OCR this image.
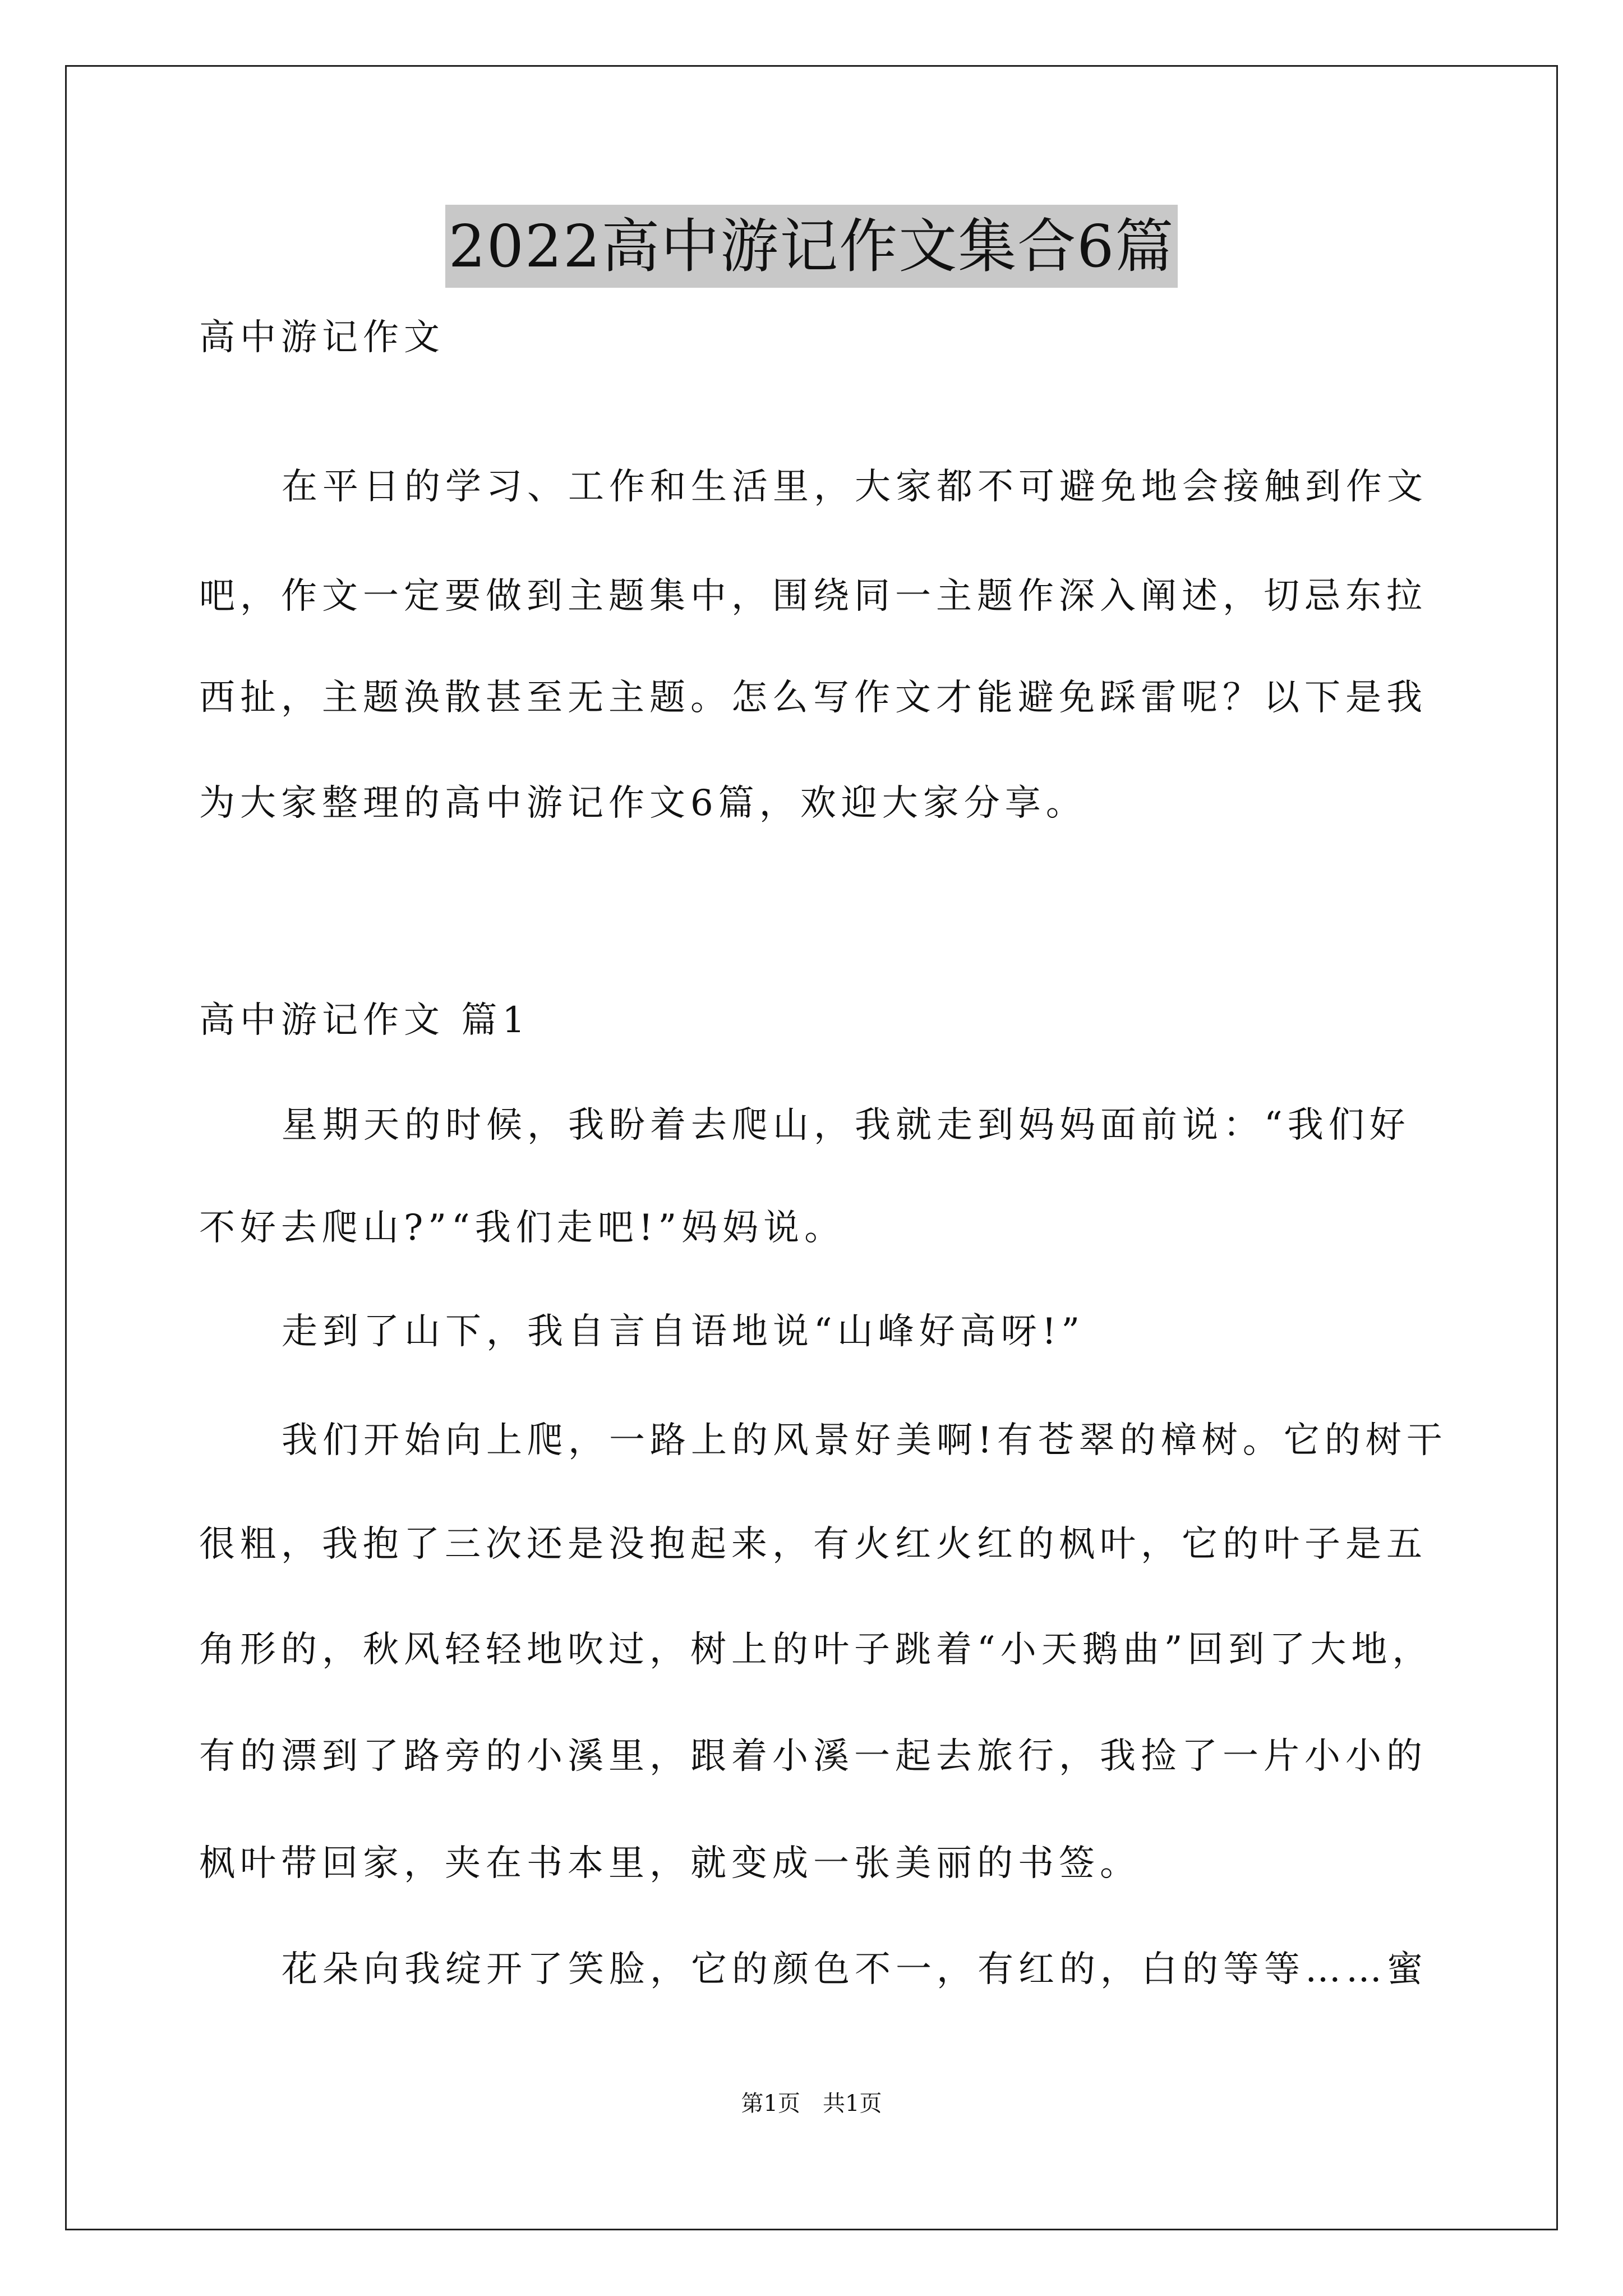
2022高中游记作文集合6篇
高中游记作文
在平日的学习、工作和生活里，大家都不可避免地会接触到作文
吧，作文一定要做到主题集中，围绕同一主题作深入阐述，切忌东拉
西扯，主题涣散甚至无主题。怎么写作文才能避免踩雷呢？以下是我
为大家整理的高中游记作文6篇，欢迎大家分享。
高中游记作文 篇1
星期天的时候，我盼着去爬山，我就走到妈妈面前说：“我们好
不好去爬山?”“我们走吧!”妈妈说。
走到了山下，我自言自语地说“山峰好高呀!”
我们开始向上爬，一路上的风景好美啊!有苍翠的樟树。它的树干
很粗，我抱了三次还是没抱起来，有火红火红的枫叶，它的叶子是五
角形的，秋风轻轻地吹过，树上的叶子跳着“小天鹅曲”回到了大地，
有的漂到了路旁的小溪里，跟着小溪一起去旅行，我捡了一片小小的
枫叶带回家，夹在书本里，就变成一张美丽的书签。
花朵向我绽开了笑脸，它的颜色不一，有红的，白的等等……蜜
第1页　共1页
